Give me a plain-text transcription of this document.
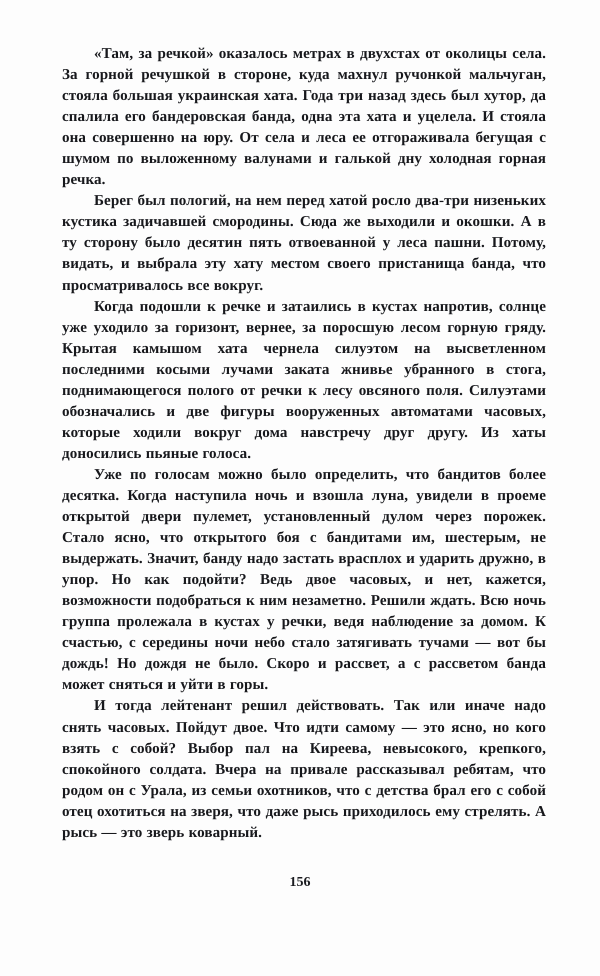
«Там, за речкой» оказалось метрах в двухстах от околицы села. За горной речушкой в стороне, куда махнул ручонкой мальчуган, стояла большая украинская хата. Года три назад здесь был хутор, да спалила его бандеровская банда, одна эта хата и уцелела. И стояла она совершенно на юру. От села и леса ее отгораживала бегущая с шумом по выложенному валунами и галькой дну холодная горная речка.

Берег был пологий, на нем перед хатой росло два-три низеньких кустика задичавшей смородины. Сюда же выходили и окошки. А в ту сторону было десятин пять отвоеванной у леса пашни. Потому, видать, и выбрала эту хату местом своего пристанища банда, что просматривалось все вокруг.

Когда подошли к речке и затаились в кустах напротив, солнце уже уходило за горизонт, вернее, за поросшую лесом горную гряду. Крытая камышом хата чернела силуэтом на высветленном последними косыми лучами заката жнивье убранного в стога, поднимающегося полого от речки к лесу овсяного поля. Силуэтами обозначались и две фигуры вооруженных автоматами часовых, которые ходили вокруг дома навстречу друг другу. Из хаты доносились пьяные голоса.

Уже по голосам можно было определить, что бандитов более десятка. Когда наступила ночь и взошла луна, увидели в проеме открытой двери пулемет, установленный дулом через порожек. Стало ясно, что открытого боя с бандитами им, шестерым, не выдержать. Значит, банду надо застать врасплох и ударить дружно, в упор. Но как подойти? Ведь двое часовых, и нет, кажется, возможности подобраться к ним незаметно. Решили ждать. Всю ночь группа пролежала в кустах у речки, ведя наблюдение за домом. К счастью, с середины ночи небо стало затягивать тучами — вот бы дождь! Но дождя не было. Скоро и рассвет, а с рассветом банда может сняться и уйти в горы.

И тогда лейтенант решил действовать. Так или иначе надо снять часовых. Пойдут двое. Что идти самому — это ясно, но кого взять с собой? Выбор пал на Киреева, невысокого, крепкого, спокойного солдата. Вчера на привале рассказывал ребятам, что родом он с Урала, из семьи охотников, что с детства брал его с собой отец охотиться на зверя, что даже рысь приходилось ему стрелять. А рысь — это зверь коварный.

156
